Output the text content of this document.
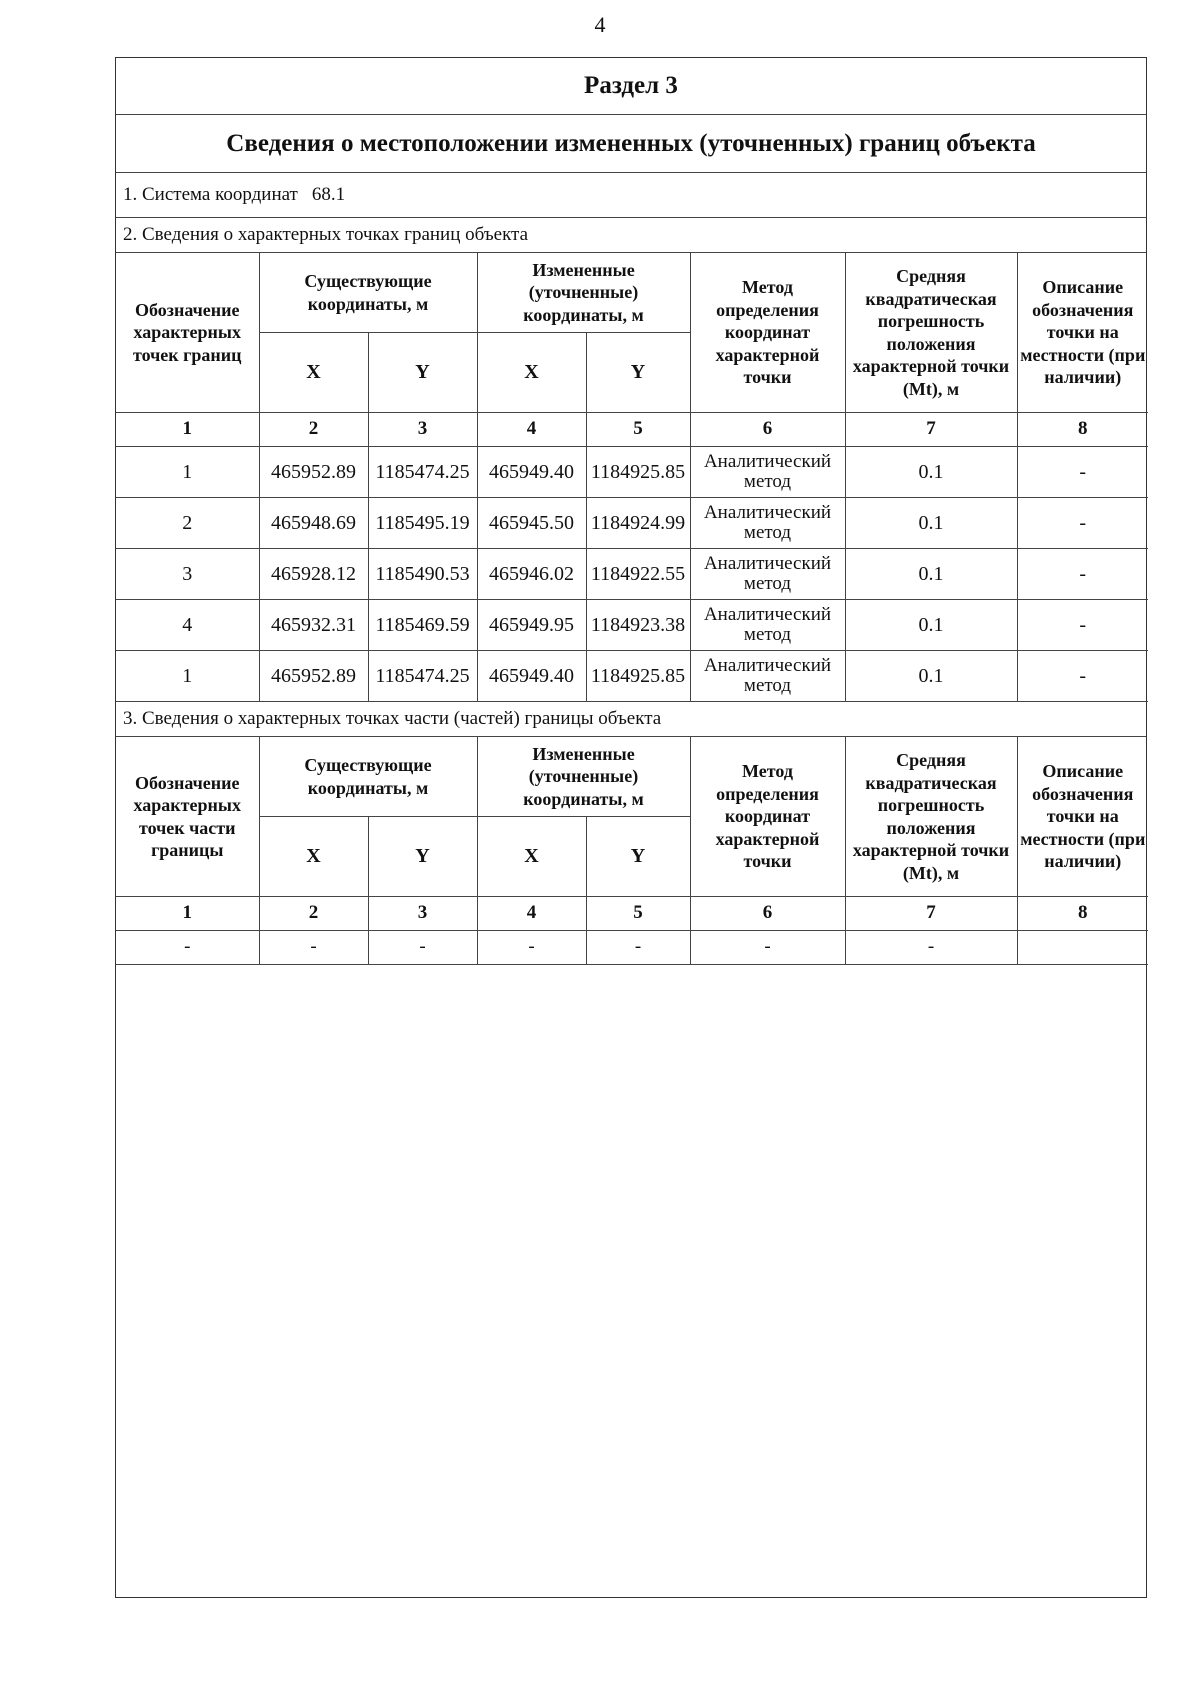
4
Раздел 3
Сведения о местоположении измененных (уточненных) границ объекта
1. Система координат 68.1
2. Сведения о характерных точках границ объекта
Обозначение характерных точек границ	Существующие координаты, м		Измененные (уточненные) координаты, м		Метод определения координат характерной точки	Средняя квадратическая погрешность положения характерной точки (Mt), м	Описание обозначения точки на местности (при наличии)
	X	Y	X	Y			
1	2	3	4	5	6	7	8
1	465952.89	1185474.25	465949.40	1184925.85	Аналитический метод	0.1	-
2	465948.69	1185495.19	465945.50	1184924.99	Аналитический метод	0.1	-
3	465928.12	1185490.53	465946.02	1184922.55	Аналитический метод	0.1	-
4	465932.31	1185469.59	465949.95	1184923.38	Аналитический метод	0.1	-
1	465952.89	1185474.25	465949.40	1184925.85	Аналитический метод	0.1	-
3. Сведения о характерных точках части (частей) границы объекта
Обозначение характерных точек части границы	Существующие координаты, м		Измененные (уточненные) координаты, м		Метод определения координат характерной точки	Средняя квадратическая погрешность положения характерной точки (Mt), м	Описание обозначения точки на местности (при наличии)
	X	Y	X	Y			
1	2	3	4	5	6	7	8
-	-	-	-	-	-	-	
